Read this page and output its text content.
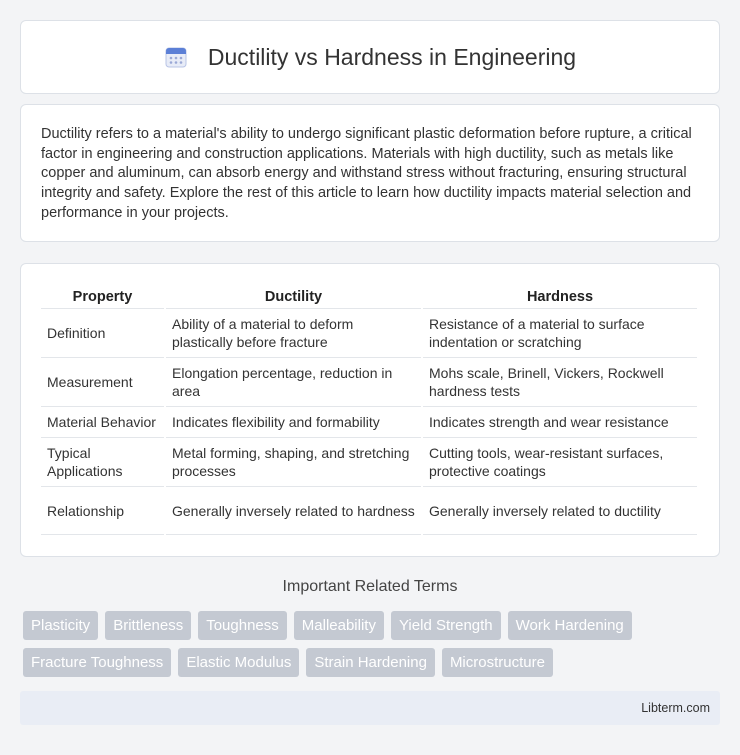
Ductility vs Hardness in Engineering

Ductility refers to a material's ability to undergo significant plastic deformation before rupture, a critical factor in engineering and construction applications. Materials with high ductility, such as metals like copper and aluminum, can absorb energy and withstand stress without fracturing, ensuring structural integrity and safety. Explore the rest of this article to learn how ductility impacts material selection and performance in your projects.

Property	Ductility	Hardness
Definition	Ability of a material to deform plastically before fracture	Resistance of a material to surface indentation or scratching
Measurement	Elongation percentage, reduction in area	Mohs scale, Brinell, Vickers, Rockwell hardness tests
Material Behavior	Indicates flexibility and formability	Indicates strength and wear resistance
Typical Applications	Metal forming, shaping, and stretching processes	Cutting tools, wear-resistant surfaces, protective coatings
Relationship	Generally inversely related to hardness	Generally inversely related to ductility
Important Related Terms
Plasticity	Brittleness	Toughness	Malleability	Yield Strength	Work Hardening
Fracture Toughness	Elastic Modulus	Strain Hardening	Microstructure
Libterm.com
